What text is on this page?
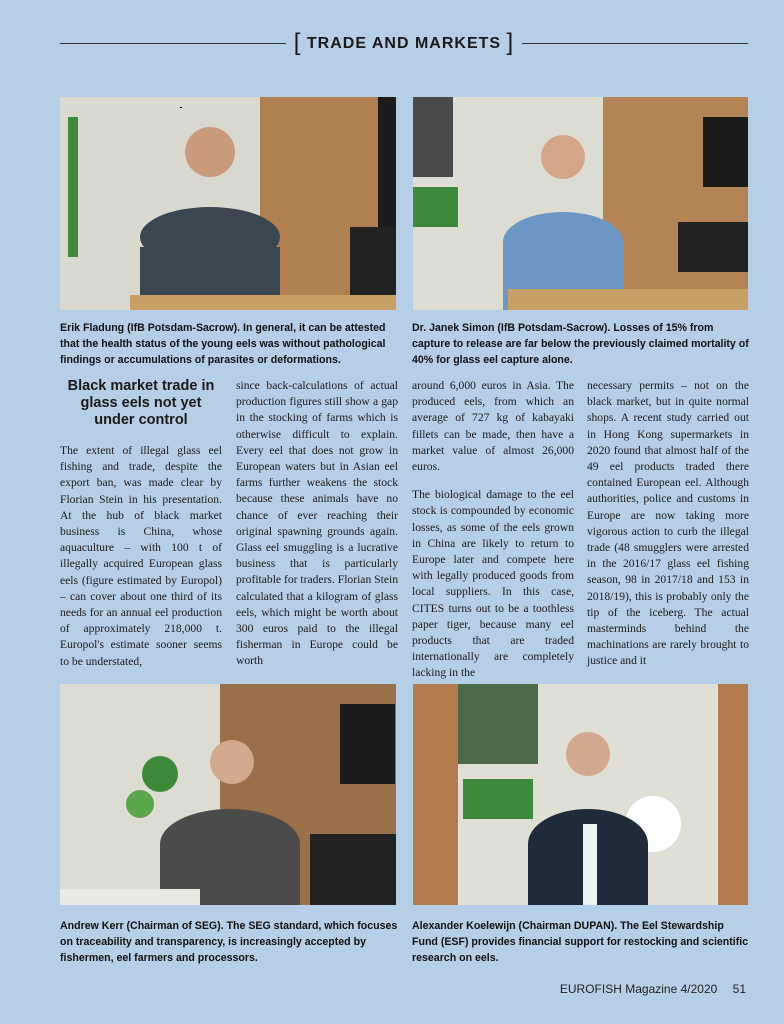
[ TRADE AND MARKETS ]
Erik Fladung (IfB Potsdam-Sacrow). In general, it can be attested that the health status of the young eels was without pathological findings or accumulations of parasites or deformations.
Dr. Janek Simon (IfB Potsdam-Sacrow). Losses of 15% from capture to release are far below the previously claimed mortality of 40% for glass eel capture alone.
Black market trade in glass eels not yet under control

The extent of illegal glass eel fishing and trade, despite the export ban, was made clear by Florian Stein in his presentation. At the hub of black market business is China, whose aquaculture – with 100 t of illegally acquired European glass eels (figure estimated by Europol) – can cover about one third of its needs for an annual eel production of approximately 218,000 t. Europol's estimate sooner seems to be understated,

since back-calculations of actual production figures still show a gap in the stocking of farms which is otherwise difficult to explain. Every eel that does not grow in European waters but in Asian eel farms further weakens the stock because these animals have no chance of ever reaching their original spawning grounds again. Glass eel smuggling is a lucrative business that is particularly profitable for traders. Florian Stein calculated that a kilogram of glass eels, which might be worth about 300 euros paid to the illegal fisherman in Europe could be worth

around 6,000 euros in Asia. The produced eels, from which an average of 727 kg of kabayaki fillets can be made, then have a market value of almost 26,000 euros.

The biological damage to the eel stock is compounded by economic losses, as some of the eels grown in China are likely to return to Europe later and compete here with legally produced goods from local suppliers. In this case, CITES turns out to be a toothless paper tiger, because many eel products that are traded internationally are completely lacking in the

necessary permits – not on the black market, but in quite normal shops. A recent study carried out in Hong Kong supermarkets in 2020 found that almost half of the 49 eel products traded there contained European eel. Although authorities, police and customs in Europe are now taking more vigorous action to curb the illegal trade (48 smugglers were arrested in the 2016/17 glass eel fishing season, 98 in 2017/18 and 153 in 2018/19), this is probably only the tip of the iceberg. The actual masterminds behind the machinations are rarely brought to justice and it

Andrew Kerr (Chairman of SEG). The SEG standard, which focuses on traceability and transparency, is increasingly accepted by fishermen, eel farmers and processors.
Alexander Koelewijn (Chairman DUPAN). The Eel Stewardship Fund (ESF) provides financial support for restocking and scientific research on eels.
EUROFISH Magazine 4/2020 51
